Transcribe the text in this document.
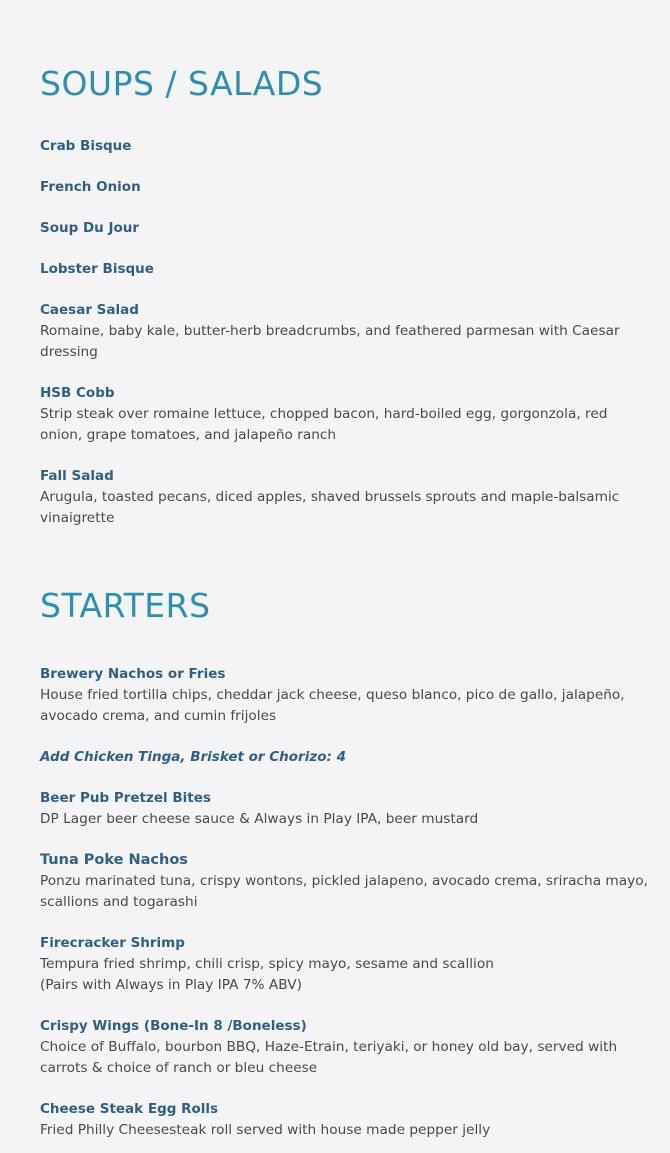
SOUPS / SALADS
Crab Bisque
French Onion
Soup Du Jour
Lobster Bisque
Caesar Salad
Romaine, baby kale, butter-herb breadcrumbs, and feathered parmesan with Caesar dressing
HSB Cobb
Strip steak over romaine lettuce, chopped bacon, hard-boiled egg, gorgonzola, red onion, grape tomatoes, and jalapeño ranch
Fall Salad
Arugula, toasted pecans, diced apples, shaved brussels sprouts and maple-balsamic vinaigrette
STARTERS
Brewery Nachos or Fries
House fried tortilla chips, cheddar jack cheese, queso blanco, pico de gallo, jalapeño, avocado crema, and cumin frijoles
Add Chicken Tinga, Brisket or Chorizo: 4
Beer Pub Pretzel Bites
DP Lager beer cheese sauce & Always in Play IPA, beer mustard
Tuna Poke Nachos
Ponzu marinated tuna, crispy wontons, pickled jalapeno, avocado crema, sriracha mayo, scallions and togarashi
Firecracker Shrimp
Tempura fried shrimp, chili crisp, spicy mayo, sesame and scallion
(Pairs with Always in Play IPA 7% ABV)
Crispy Wings (Bone-In 8 /Boneless)
Choice of Buffalo, bourbon BBQ, Haze-Etrain, teriyaki, or honey old bay, served with carrots & choice of ranch or bleu cheese
Cheese Steak Egg Rolls
Fried Philly Cheesesteak roll served with house made pepper jelly
